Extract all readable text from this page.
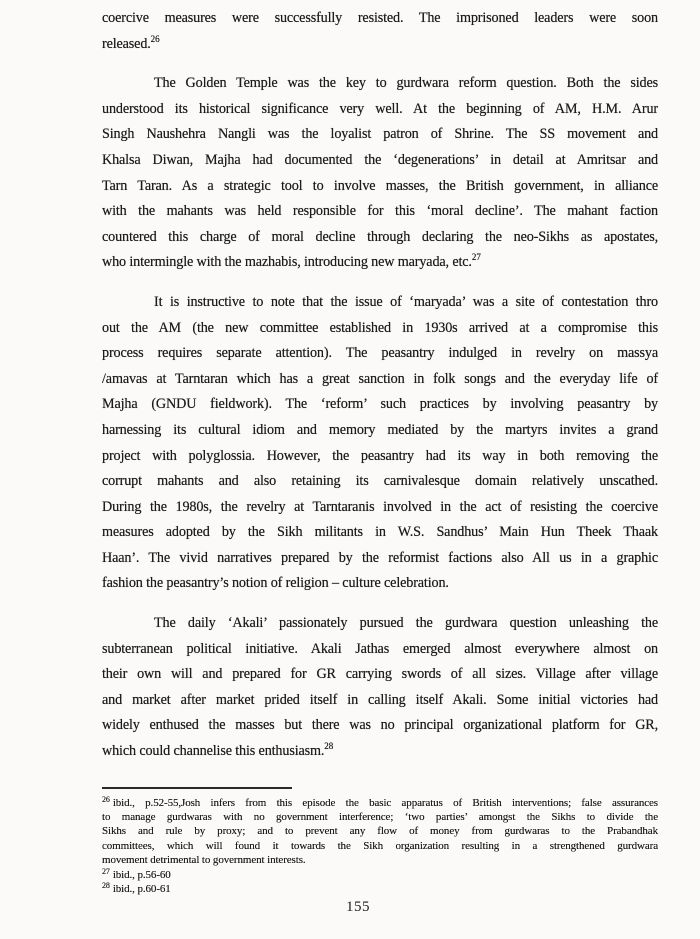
coercive measures were successfully resisted. The imprisoned leaders were soon
released.$^{26}$
The Golden Temple was the key to gurdwara reform question. Both the sides
understood its historical significance very well. At the beginning of AM, H.M. Arur
Singh Naushehra Nangli was the loyalist patron of Shrine. The SS movement and
Khalsa Diwan, Majha had documented the ‘degenerations’ in detail at Amritsar and
Tarn Taran. As a strategic tool to involve masses, the British government, in alliance
with the mahants was held responsible for this ‘moral decline’. The mahant faction
countered this charge of moral decline through declaring the neo-Sikhs as apostates,
who intermingle with the mazhabis, introducing new maryada, etc.$^{27}$
It is instructive to note that the issue of ‘maryada’ was a site of contestation thro
out the AM (the new committee established in 1930s arrived at a compromise this
process requires separate attention). The peasantry indulged in revelry on massya
/amavas at Tarntaran which has a great sanction in folk songs and the everyday life of
Majha (GNDU fieldwork). The ‘reform’ such practices by involving peasantry by
harnessing its cultural idiom and memory mediated by the martyrs invites a grand
project with polyglossia. However, the peasantry had its way in both removing the
corrupt mahants and also retaining its carnivalesque domain relatively unscathed.
During the 1980s, the revelry at Tarntaranis involved in the act of resisting the coercive
measures adopted by the Sikh militants in W.S. Sandhus’ Main Hun Theek Thaak
Haan’. The vivid narratives prepared by the reformist factions also All us in a graphic
fashion the peasantry’s notion of religion – culture celebration.
The daily ‘Akali’ passionately pursued the gurdwara question unleashing the
subterranean political initiative. Akali Jathas emerged almost everywhere almost on
their own will and prepared for GR carrying swords of all sizes. Village after village
and market after market prided itself in calling itself Akali. Some initial victories had
widely enthused the masses but there was no principal organizational platform for GR,
which could channelise this enthusiasm.$^{28}$
$^{26}$ ibid., p.52-55,Josh infers from this episode the basic apparatus of British interventions; false assurances
to manage gurdwaras with no government interference; ‘two parties’ amongst the Sikhs to divide the
Sikhs and rule by proxy; and to prevent any flow of money from gurdwaras to the Prabandhak
committees, which will found it towards the Sikh organization resulting in a strengthened gurdwara
movement detrimental to government interests.
$^{27}$ ibid., p.56-60
$^{28}$ ibid., p.60-61
155
